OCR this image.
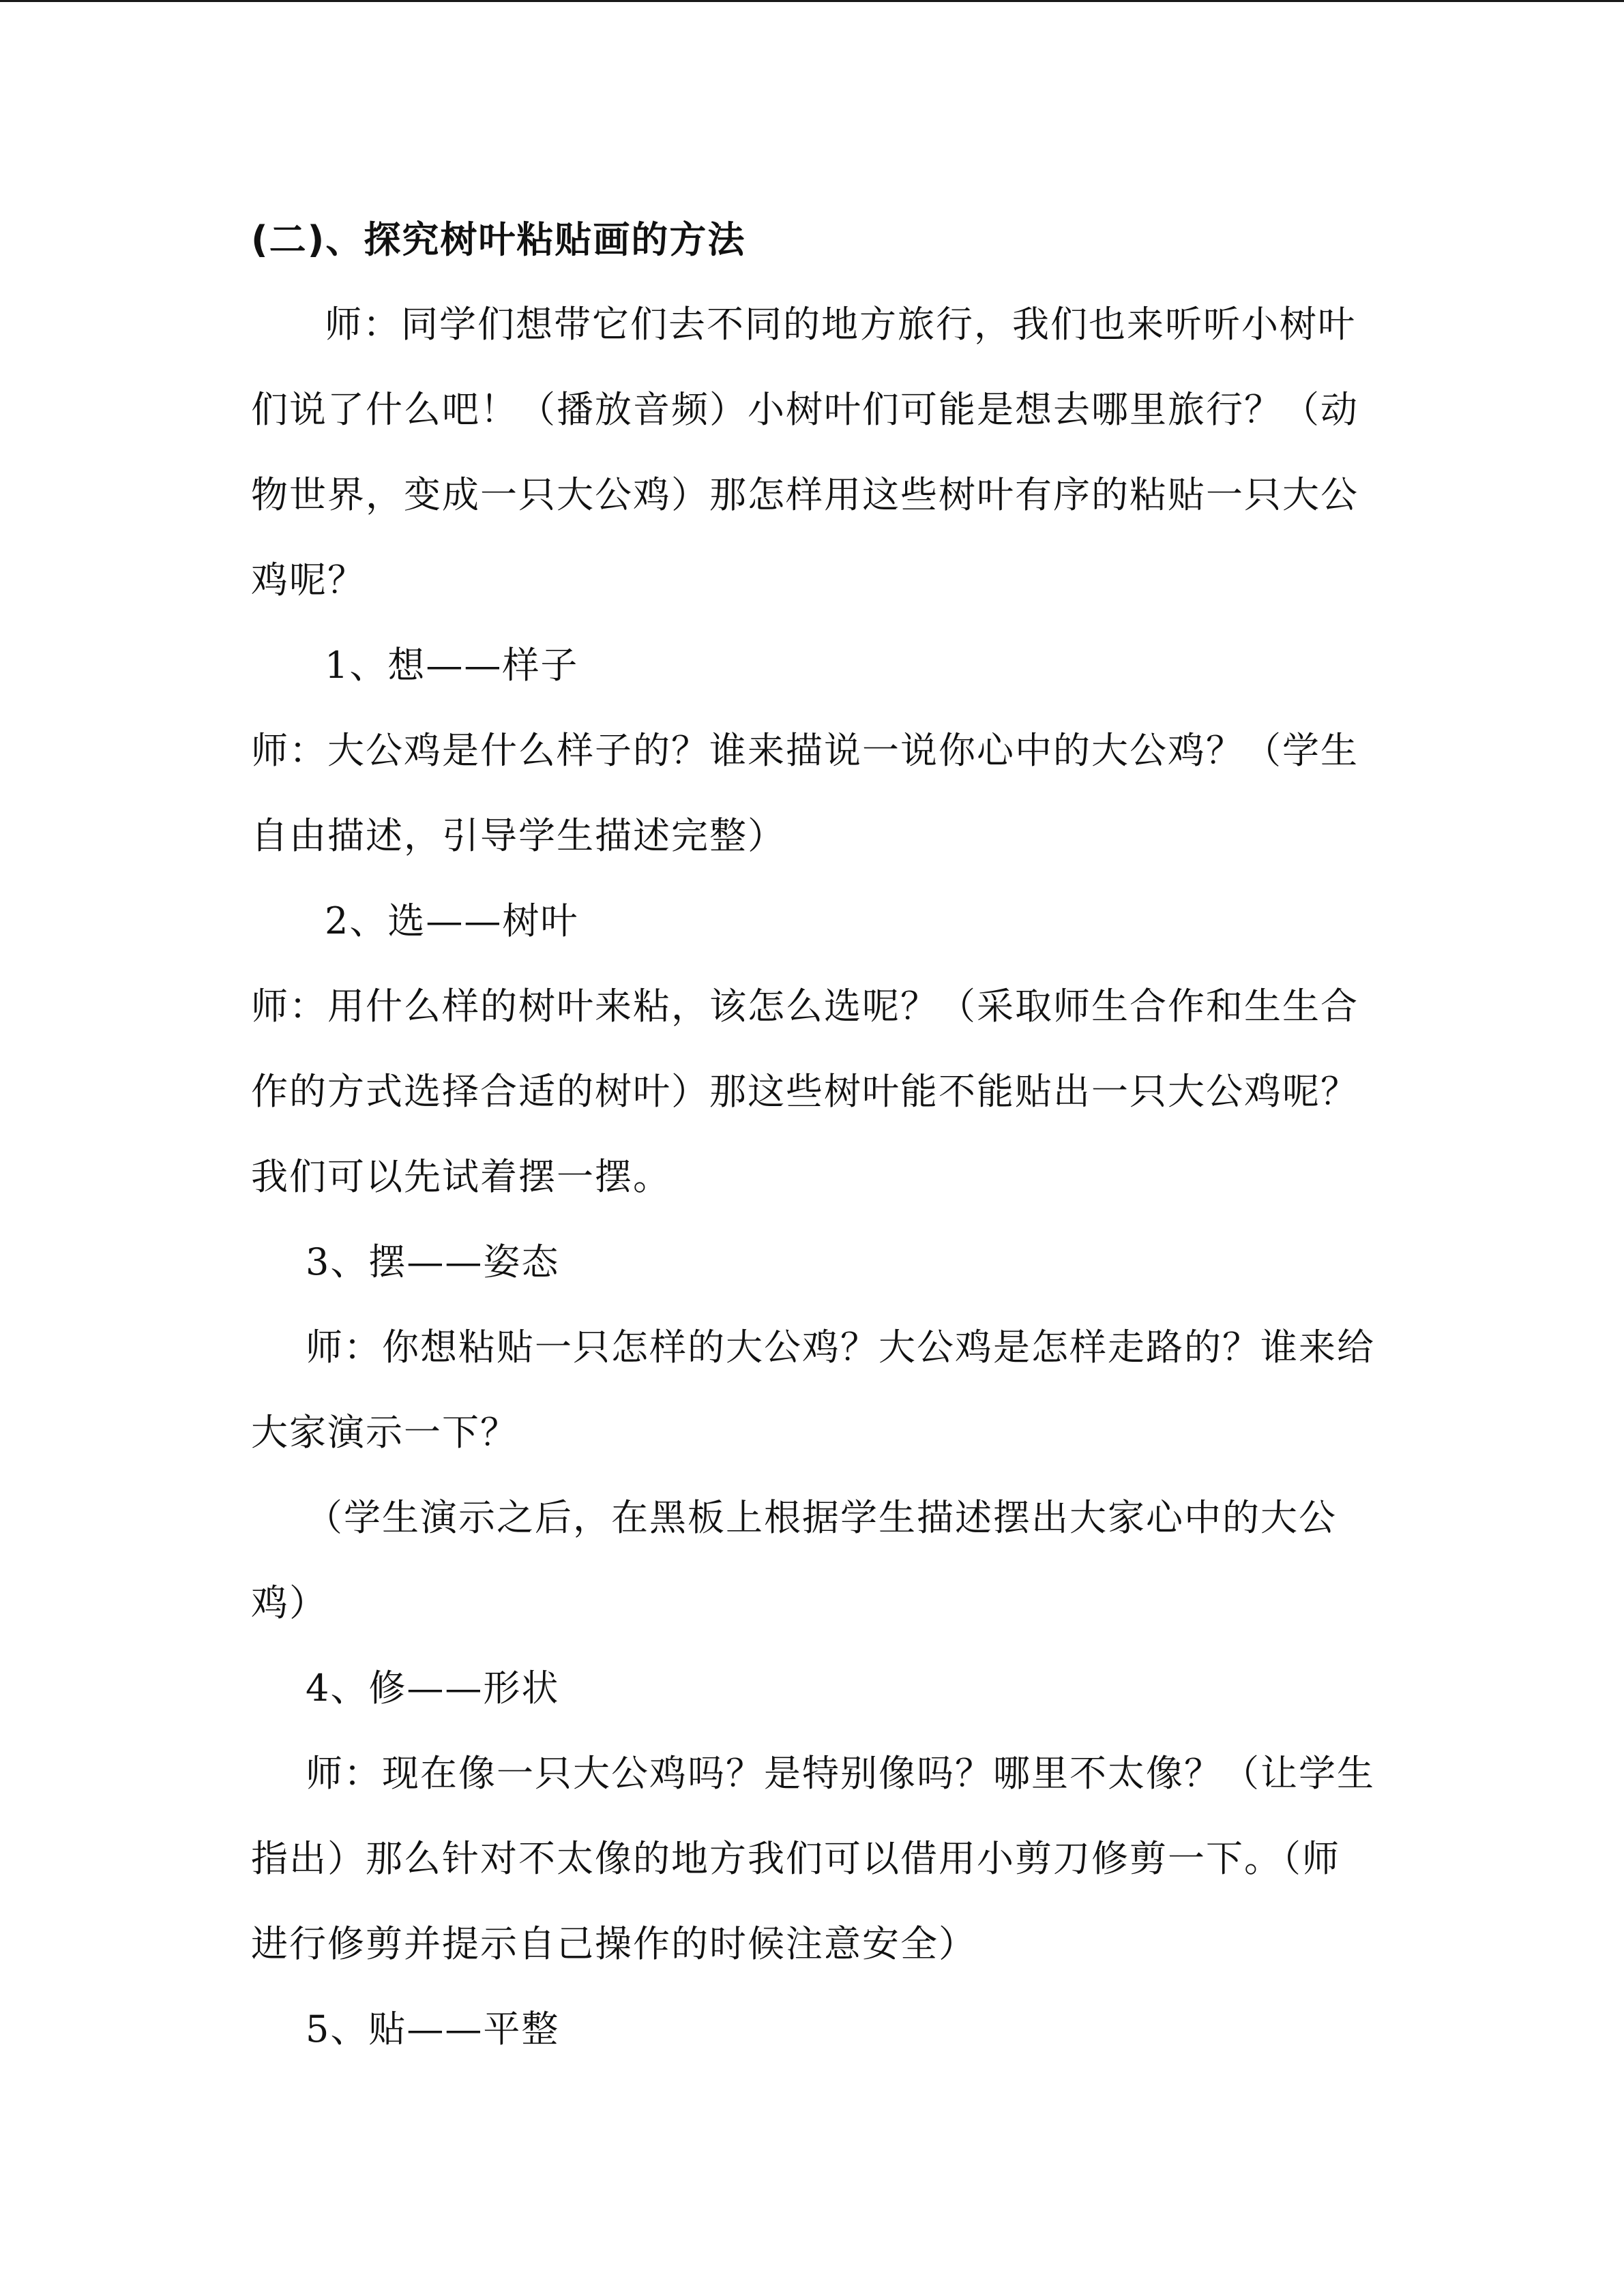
(二)、探究树叶粘贴画的方法
师：同学们想带它们去不同的地方旅行，我们也来听听小树叶
们说了什么吧！（播放音频）小树叶们可能是想去哪里旅行？（动
物世界，变成一只大公鸡）那怎样用这些树叶有序的粘贴一只大公
鸡呢？
1、想——样子
师：大公鸡是什么样子的？谁来描说一说你心中的大公鸡？（学生
自由描述，引导学生描述完整）
2、选——树叶
师：用什么样的树叶来粘，该怎么选呢？（采取师生合作和生生合
作的方式选择合适的树叶）那这些树叶能不能贴出一只大公鸡呢？
我们可以先试着摆一摆。
3、摆——姿态
师：你想粘贴一只怎样的大公鸡？大公鸡是怎样走路的？谁来给
大家演示一下？
（学生演示之后，在黑板上根据学生描述摆出大家心中的大公
鸡）
4、修——形状
师：现在像一只大公鸡吗？是特别像吗？哪里不太像？（让学生
指出）那么针对不太像的地方我们可以借用小剪刀修剪一下。（师
进行修剪并提示自己操作的时候注意安全）
5、贴——平整
